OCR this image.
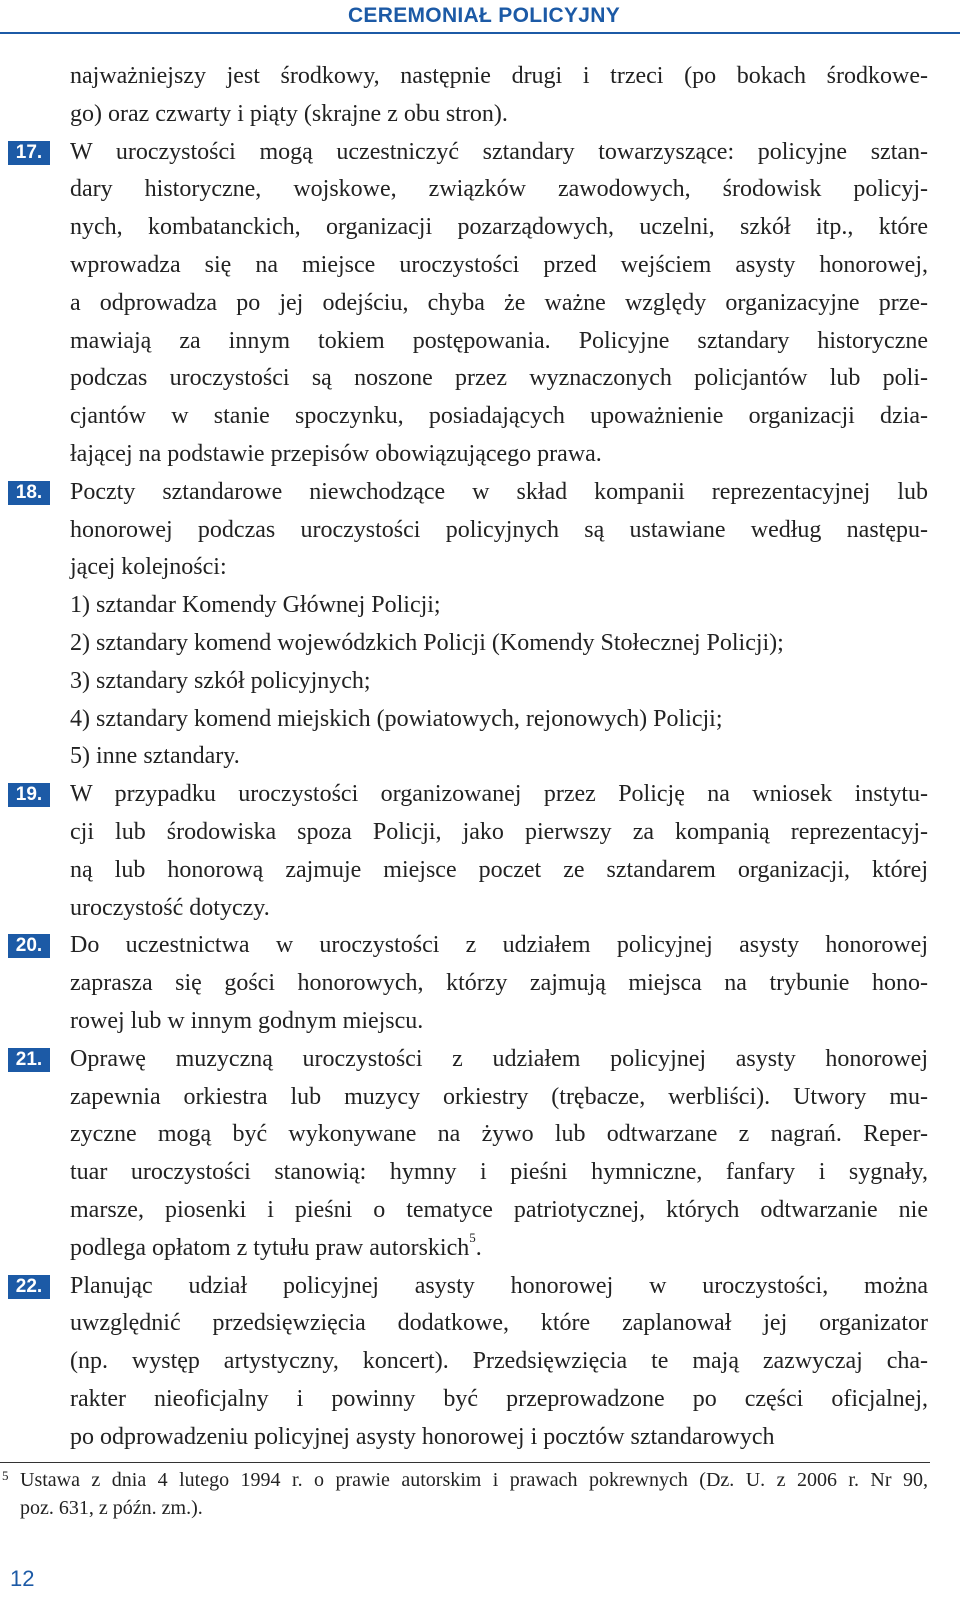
CEREMONIAŁ POLICYJNY
najważniejszy jest środkowy, następnie drugi i trzeci (po bokach środkowe-
go) oraz czwarty i piąty (skrajne z obu stron).
17.	W uroczystości mogą uczestniczyć sztandary towarzyszące: policyjne sztan-
dary historyczne, wojskowe, związków zawodowych, środowisk policyj-
nych, kombatanckich, organizacji pozarządowych, uczelni, szkół itp., które
wprowadza się na miejsce uroczystości przed wejściem asysty honorowej,
a odprowadza po jej odejściu, chyba że ważne względy organizacyjne prze-
mawiają za innym tokiem postępowania. Policyjne sztandary historyczne
podczas uroczystości są noszone przez wyznaczonych policjantów lub poli-
cjantów w stanie spoczynku, posiadających upoważnienie organizacji dzia-
łającej na podstawie przepisów obowiązującego prawa.
18.	Poczty sztandarowe niewchodzące w skład kompanii reprezentacyjnej lub
honorowej podczas uroczystości policyjnych są ustawiane według następu-
jącej kolejności:
1) sztandar Komendy Głównej Policji;
2) sztandary komend wojewódzkich Policji (Komendy Stołecznej Policji);
3) sztandary szkół policyjnych;
4) sztandary komend miejskich (powiatowych, rejonowych) Policji;
5) inne sztandary.
19.	W przypadku uroczystości organizowanej przez Policję na wniosek instytu-
cji lub środowiska spoza Policji, jako pierwszy za kompanią reprezentacyj-
ną lub honorową zajmuje miejsce poczet ze sztandarem organizacji, której
uroczystość dotyczy.
20.	Do uczestnictwa w uroczystości z udziałem policyjnej asysty honorowej
zaprasza się gości honorowych, którzy zajmują miejsca na trybunie hono-
rowej lub w innym godnym miejscu.
21.	Oprawę muzyczną uroczystości z udziałem policyjnej asysty honorowej
zapewnia orkiestra lub muzycy orkiestry (trębacze, werbliści). Utwory mu-
zyczne mogą być wykonywane na żywo lub odtwarzane z nagrań. Reper-
tuar uroczystości stanowią: hymny i pieśni hymniczne, fanfary i sygnały,
marsze, piosenki i pieśni o tematyce patriotycznej, których odtwarzanie nie
podlega opłatom z tytułu praw autorskich$^5$.
22.	Planując udział policyjnej asysty honorowej w uroczystości, można
uwzględnić przedsięwzięcia dodatkowe, które zaplanował jej organizator
(np. występ artystyczny, koncert). Przedsięwzięcia te mają zazwyczaj cha-
rakter nieoficjalny i powinny być przeprowadzone po części oficjalnej,
po odprowadzeniu policyjnej asysty honorowej i pocztów sztandarowych
5 Ustawa z dnia 4 lutego 1994 r. o prawie autorskim i prawach pokrewnych (Dz. U. z 2006 r. Nr 90,
poz. 631, z późn. zm.).
12
